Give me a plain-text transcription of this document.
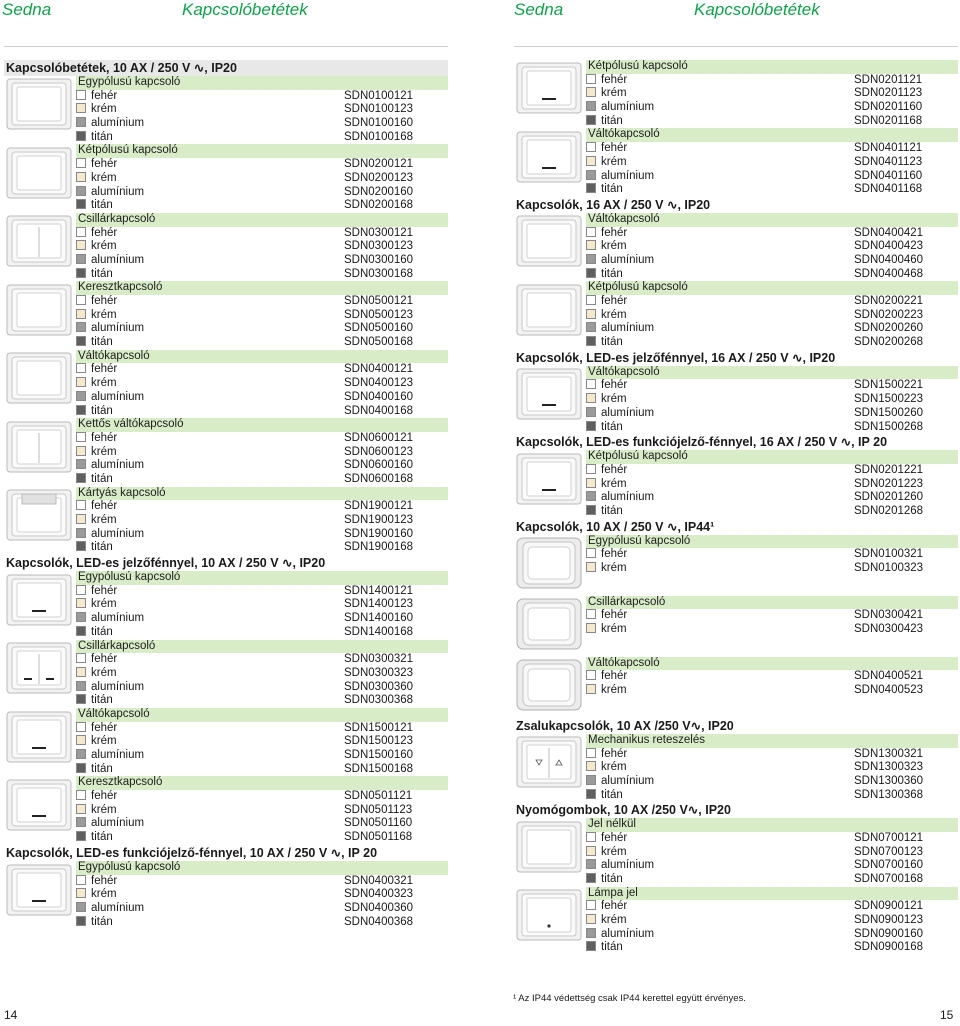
Sedna	Kapcsolóbetétek	Sedna	Kapcsolóbetétek
Kapcsolóbetétek, 10 AX / 250 V ∿, IP20
Egypólusú kapcsoló
fehér	SDN0100121
krém	SDN0100123
alumínium	SDN0100160
titán	SDN0100168
Kétpólusú kapcsoló
fehér	SDN0200121
krém	SDN0200123
alumínium	SDN0200160
titán	SDN0200168
Csillárkapcsoló
fehér	SDN0300121
krém	SDN0300123
alumínium	SDN0300160
titán	SDN0300168
Keresztkapcsoló
fehér	SDN0500121
krém	SDN0500123
alumínium	SDN0500160
titán	SDN0500168
Váltókapcsoló
fehér	SDN0400121
krém	SDN0400123
alumínium	SDN0400160
titán	SDN0400168
Kettős váltókapcsoló
fehér	SDN0600121
krém	SDN0600123
alumínium	SDN0600160
titán	SDN0600168
Kártyás kapcsoló
fehér	SDN1900121
krém	SDN1900123
alumínium	SDN1900160
titán	SDN1900168
Kapcsolók, LED-es jelzőfénnyel, 10 AX / 250 V ∿, IP20
Egypólusú kapcsoló
fehér	SDN1400121
krém	SDN1400123
alumínium	SDN1400160
titán	SDN1400168
Csillárkapcsoló
fehér	SDN0300321
krém	SDN0300323
alumínium	SDN0300360
titán	SDN0300368
Váltókapcsoló
fehér	SDN1500121
krém	SDN1500123
alumínium	SDN1500160
titán	SDN1500168
Keresztkapcsoló
fehér	SDN0501121
krém	SDN0501123
alumínium	SDN0501160
titán	SDN0501168
Kapcsolók, LED-es funkciójelző-fénnyel, 10 AX / 250 V ∿, IP 20
Egypólusú kapcsoló
fehér	SDN0400321
krém	SDN0400323
alumínium	SDN0400360
titán	SDN0400368
Kétpólusú kapcsoló
fehér	SDN0201121
krém	SDN0201123
alumínium	SDN0201160
titán	SDN0201168
Váltókapcsoló
fehér	SDN0401121
krém	SDN0401123
alumínium	SDN0401160
titán	SDN0401168
Kapcsolók, 16 AX / 250 V ∿, IP20
Váltókapcsoló
fehér	SDN0400421
krém	SDN0400423
alumínium	SDN0400460
titán	SDN0400468
Kétpólusú kapcsoló
fehér	SDN0200221
krém	SDN0200223
alumínium	SDN0200260
titán	SDN0200268
Kapcsolók, LED-es jelzőfénnyel, 16 AX / 250 V ∿, IP20
Váltókapcsoló
fehér	SDN1500221
krém	SDN1500223
alumínium	SDN1500260
titán	SDN1500268
Kapcsolók, LED-es funkciójelző-fénnyel, 16 AX / 250 V ∿, IP 20
Kétpólusú kapcsoló
fehér	SDN0201221
krém	SDN0201223
alumínium	SDN0201260
titán	SDN0201268
Kapcsolók, 10 AX / 250 V ∿, IP44¹
Egypólusú kapcsoló
fehér	SDN0100321
krém	SDN0100323
Csillárkapcsoló
fehér	SDN0300421
krém	SDN0300423
Váltókapcsoló
fehér	SDN0400521
krém	SDN0400523
Zsalukapcsolók, 10 AX /250 V∿, IP20
Mechanikus reteszelés
fehér	SDN1300321
krém	SDN1300323
alumínium	SDN1300360
titán	SDN1300368
Nyomógombok, 10 AX /250 V∿, IP20
Jel nélkül
fehér	SDN0700121
krém	SDN0700123
alumínium	SDN0700160
titán	SDN0700168
Lámpa jel
fehér	SDN0900121
krém	SDN0900123
alumínium	SDN0900160
titán	SDN0900168
¹ Az IP44 védettség csak IP44 kerettel együtt érvényes.
14	15
